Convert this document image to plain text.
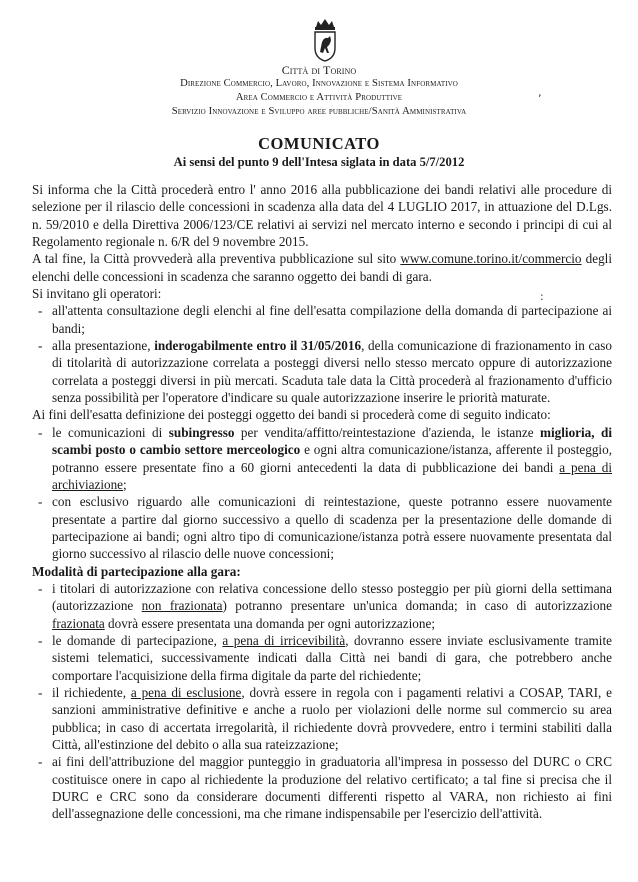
Città di Torino
Direzione Commercio, Lavoro, Innovazione e Sistema Informativo
Area Commercio e Attività Produttive
Servizio Innovazione e Sviluppo aree pubbliche/Sanità Amministrativa
COMUNICATO
Ai sensi del punto 9 dell'Intesa siglata in data 5/7/2012

Si informa che la Città procederà entro l' anno 2016 alla pubblicazione dei bandi relativi alle procedure di selezione per il rilascio delle concessioni in scadenza alla data del 4 LUGLIO 2017, in attuazione del D.Lgs. n. 59/2010 e della Direttiva 2006/123/CE relativi ai servizi nel mercato interno e secondo i principi di cui al Regolamento regionale n. 6/R del 9 novembre 2015.

A tal fine, la Città provvederà alla preventiva pubblicazione sul sito www.comune.torino.it/commercio degli elenchi delle concessioni in scadenza che saranno oggetto dei bandi di gara.

Si invitano gli operatori:

- all'attenta consultazione degli elenchi al fine dell'esatta compilazione della domanda di partecipazione ai bandi;
- alla presentazione, inderogabilmente entro il 31/05/2016, della comunicazione di frazionamento in caso di titolarità di autorizzazione correlata a posteggi diversi nello stesso mercato oppure di autorizzazione correlata a posteggi diversi in più mercati. Scaduta tale data la Città procederà al frazionamento d'ufficio senza possibilità per l'operatore d'indicare su quale autorizzazione inserire le priorità maturate.

Ai fini dell'esatta definizione dei posteggi oggetto dei bandi si procederà come di seguito indicato:

- le comunicazioni di subingresso per vendita/affitto/reintestazione d'azienda, le istanze miglioria, di scambi posto o cambio settore merceologico e ogni altra comunicazione/istanza, afferente il posteggio, potranno essere presentate fino a 60 giorni antecedenti la data di pubblicazione dei bandi a pena di archiviazione;
- con esclusivo riguardo alle comunicazioni di reintestazione, queste potranno essere nuovamente presentate a partire dal giorno successivo a quello di scadenza per la presentazione delle domande di partecipazione ai bandi; ogni altro tipo di comunicazione/istanza potrà essere nuovamente presentata dal giorno successivo al rilascio delle nuove concessioni;

Modalità di partecipazione alla gara:

- i titolari di autorizzazione con relativa concessione dello stesso posteggio per più giorni della settimana (autorizzazione non frazionata) potranno presentare un'unica domanda; in caso di autorizzazione frazionata dovrà essere presentata una domanda per ogni autorizzazione;
- le domande di partecipazione, a pena di irricevibilità, dovranno essere inviate esclusivamente tramite sistemi telematici, successivamente indicati dalla Città nei bandi di gara, che potrebbero anche comportare l'acquisizione della firma digitale da parte del richiedente;
- il richiedente, a pena di esclusione, dovrà essere in regola con i pagamenti relativi a COSAP, TARI, e sanzioni amministrative definitive e anche a ruolo per violazioni delle norme sul commercio su area pubblica; in caso di accertata irregolarità, il richiedente dovrà provvedere, entro i termini stabiliti dalla Città, all'estinzione del debito o alla sua rateizzazione;
- ai fini dell'attribuzione del maggior punteggio in graduatoria all'impresa in possesso del DURC o CRC costituisce onere in capo al richiedente la produzione del relativo certificato; a tal fine si precisa che il DURC e CRC sono da considerare documenti differenti rispetto al VARA, non richiesto ai fini dell'assegnazione delle concessioni, ma che rimane indispensabile per l'esercizio dell'attività.
‚
:
